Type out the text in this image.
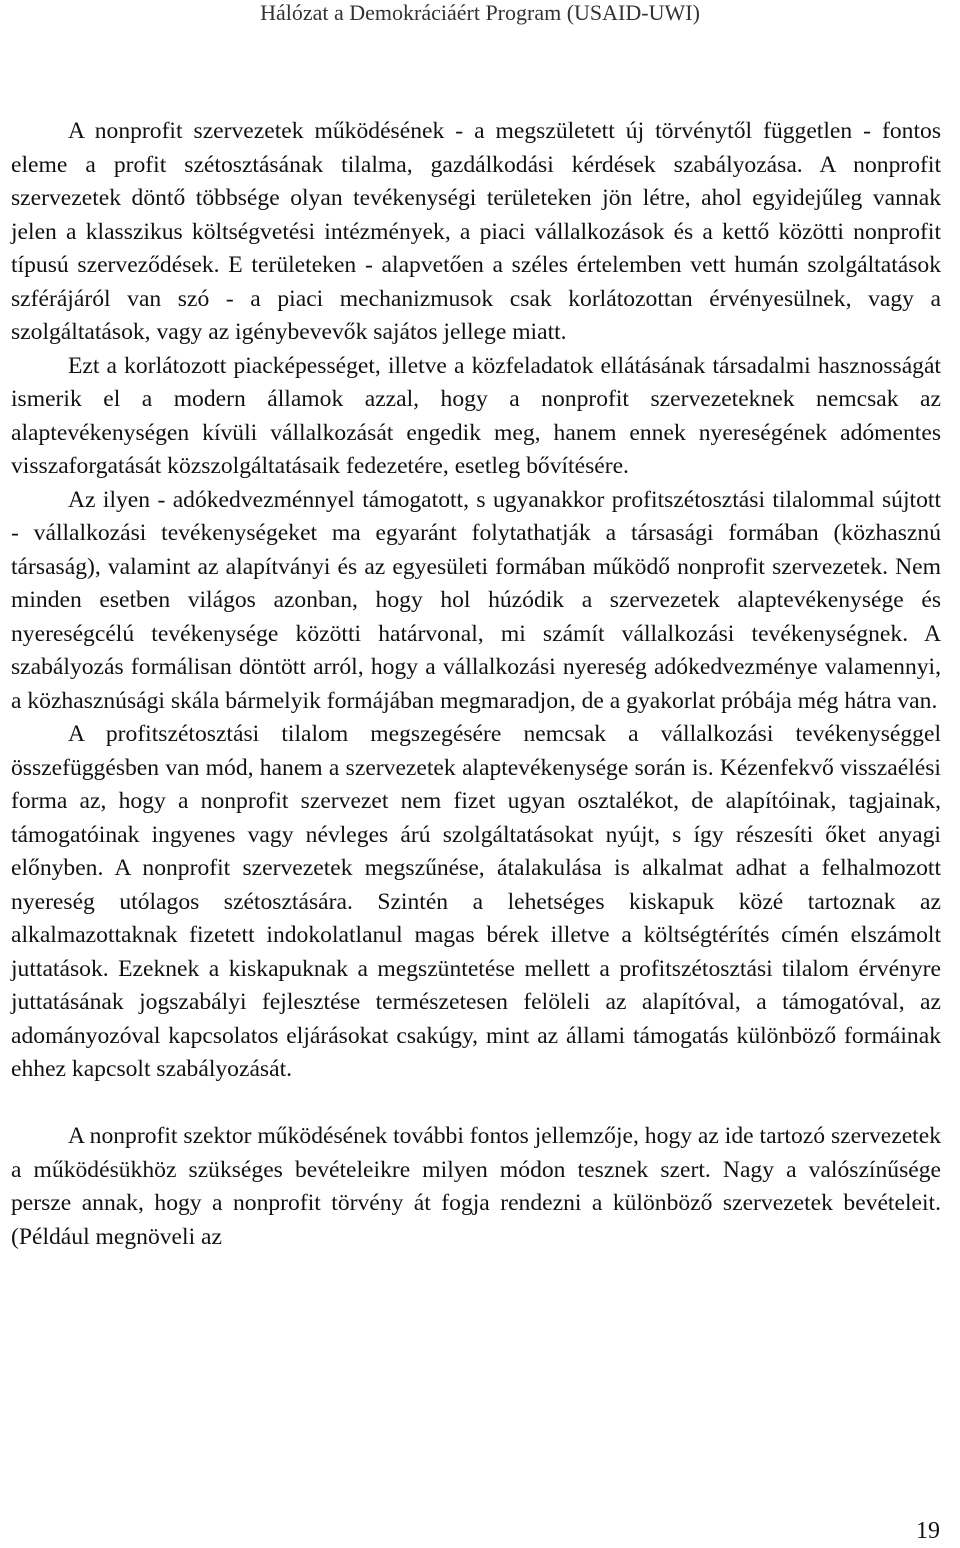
Hálózat a Demokráciáért Program (USAID-UWI)

A nonprofit szervezetek működésének - a megszületett új törvénytől független - fontos eleme a profit szétosztásának tilalma, gazdálkodási kérdések szabályozása. A nonprofit szervezetek döntő többsége olyan tevékenységi területeken jön létre, ahol egyidejűleg vannak jelen a klasszikus költségvetési intézmények, a piaci vállalkozások és a kettő közötti nonprofit típusú szerveződések. E területeken - alapvetően a széles értelemben vett humán szolgáltatások szférájáról van szó - a piaci mechanizmusok csak korlátozottan érvényesülnek, vagy a szolgáltatások, vagy az igénybevevők sajátos jellege miatt.

Ezt a korlátozott piacképességet, illetve a közfeladatok ellátásának társadalmi hasznosságát ismerik el a modern államok azzal, hogy a nonprofit szervezeteknek nemcsak az alaptevékenységen kívüli vállalkozását engedik meg, hanem ennek nyereségének adómentes visszaforgatását közszolgáltatásaik fedezetére, esetleg bővítésére.

Az ilyen - adókedvezménnyel támogatott, s ugyanakkor profitszétosztási tilalommal sújtott - vállalkozási tevékenységeket ma egyaránt folytathatják a társasági formában (közhasznú társaság), valamint az alapítványi és az egyesületi formában működő nonprofit szervezetek. Nem minden esetben világos azonban, hogy hol húzódik a szervezetek alaptevékenysége és nyereségcélú tevékenysége közötti határvonal, mi számít vállalkozási tevékenységnek. A szabályozás formálisan döntött arról, hogy a vállalkozási nyereség adókedvezménye valamennyi, a közhasznúsági skála bármelyik formájában megmaradjon, de a gyakorlat próbája még hátra van.

A profitszétosztási tilalom megszegésére nemcsak a vállalkozási tevékenységgel összefüggésben van mód, hanem a szervezetek alaptevékenysége során is. Kézenfekvő visszaélési forma az, hogy a nonprofit szervezet nem fizet ugyan osztalékot, de alapítóinak, tagjainak, támogatóinak ingyenes vagy névleges árú szolgáltatásokat nyújt, s így részesíti őket anyagi előnyben. A nonprofit szervezetek megszűnése, átalakulása is alkalmat adhat a felhalmozott nyereség utólagos szétosztására. Szintén a lehetséges kiskapuk közé tartoznak az alkalmazottaknak fizetett indokolatlanul magas bérek illetve a költségtérítés címén elszámolt juttatások. Ezeknek a kiskapuknak a megszüntetése mellett a profitszétosztási tilalom érvényre juttatásának jogszabályi fejlesztése természetesen felöleli az alapítóval, a támogatóval, az adományozóval kapcsolatos eljárásokat csakúgy, mint az állami támogatás különböző formáinak ehhez kapcsolt szabályozását.

A nonprofit szektor működésének további fontos jellemzője, hogy az ide tartozó szervezetek a működésükhöz szükséges bevételeikre milyen módon tesznek szert. Nagy a valószínűsége persze annak, hogy a nonprofit törvény át fogja rendezni a különböző szervezetek bevételeit. (Például megnöveli az

19
